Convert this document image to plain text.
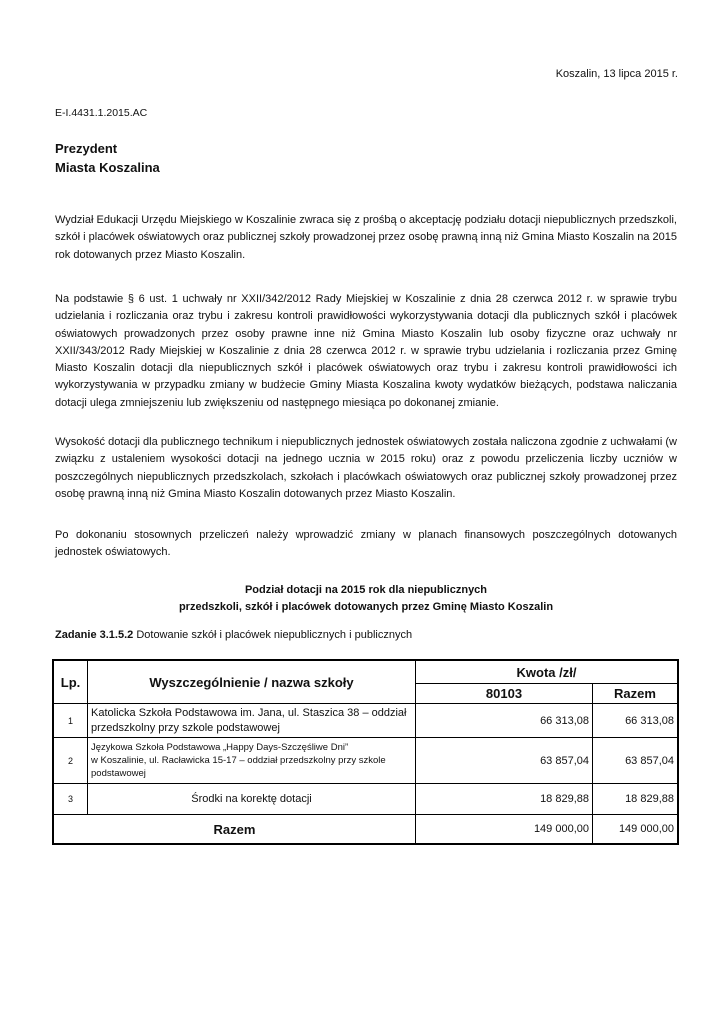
Koszalin, 13 lipca 2015 r.
E-I.4431.1.2015.AC
Prezydent
Miasta Koszalina
Wydział Edukacji Urzędu Miejskiego w Koszalinie zwraca się z prośbą o akceptację podziału dotacji niepublicznych przedszkoli, szkół i placówek oświatowych oraz publicznej szkoły prowadzonej przez osobę prawną inną niż Gmina Miasto Koszalin na 2015 rok dotowanych przez Miasto Koszalin.
Na podstawie § 6 ust. 1 uchwały nr XXII/342/2012 Rady Miejskiej w Koszalinie z dnia 28 czerwca 2012 r. w sprawie trybu udzielania i rozliczania oraz trybu i zakresu kontroli prawidłowości wykorzystywania dotacji dla publicznych szkół i placówek oświatowych prowadzonych przez osoby prawne inne niż Gmina Miasto Koszalin lub osoby fizyczne oraz uchwały nr XXII/343/2012 Rady Miejskiej w Koszalinie z dnia 28 czerwca 2012 r. w sprawie trybu udzielania i rozliczania przez Gminę Miasto Koszalin dotacji dla niepublicznych szkół i placówek oświatowych oraz trybu i zakresu kontroli prawidłowości ich wykorzystywania w przypadku zmiany w budżecie Gminy Miasta Koszalina kwoty wydatków bieżących, podstawa naliczania dotacji ulega zmniejszeniu lub zwiększeniu od następnego miesiąca po dokonanej zmianie.
Wysokość dotacji dla publicznego technikum i niepublicznych jednostek oświatowych została naliczona zgodnie z uchwałami (w związku z ustaleniem wysokości dotacji na jednego ucznia w 2015 roku) oraz z powodu przeliczenia liczby uczniów w poszczególnych niepublicznych przedszkolach, szkołach i placówkach oświatowych oraz publicznej szkoły prowadzonej przez osobę prawną inną niż Gmina Miasto Koszalin dotowanych przez Miasto Koszalin.
Po dokonaniu stosownych przeliczeń należy wprowadzić zmiany w planach finansowych poszczególnych dotowanych jednostek oświatowych.
Podział dotacji na 2015 rok dla niepublicznych
przedszkoli, szkół i placówek dotowanych przez Gminę Miasto Koszalin
Zadanie 3.1.5.2 Dotowanie szkół i placówek niepublicznych i publicznych
Lp.	Wyszczególnienie / nazwa szkoły	Kwota /zł/	
		80103	Razem
1	Katolicka Szkoła Podstawowa im. Jana, ul. Staszica 38 – oddział
przedszkolny przy szkole podstawowej	66 313,08	66 313,08
2	Językowa Szkoła Podstawowa „Happy Days-Szczęśliwe Dni”
w Koszalinie, ul. Racławicka 15-17 – oddział przedszkolny przy szkole
podstawowej	63 857,04	63 857,04
3	Środki na korektę dotacji	18 829,88	18 829,88
Razem		149 000,00	149 000,00
